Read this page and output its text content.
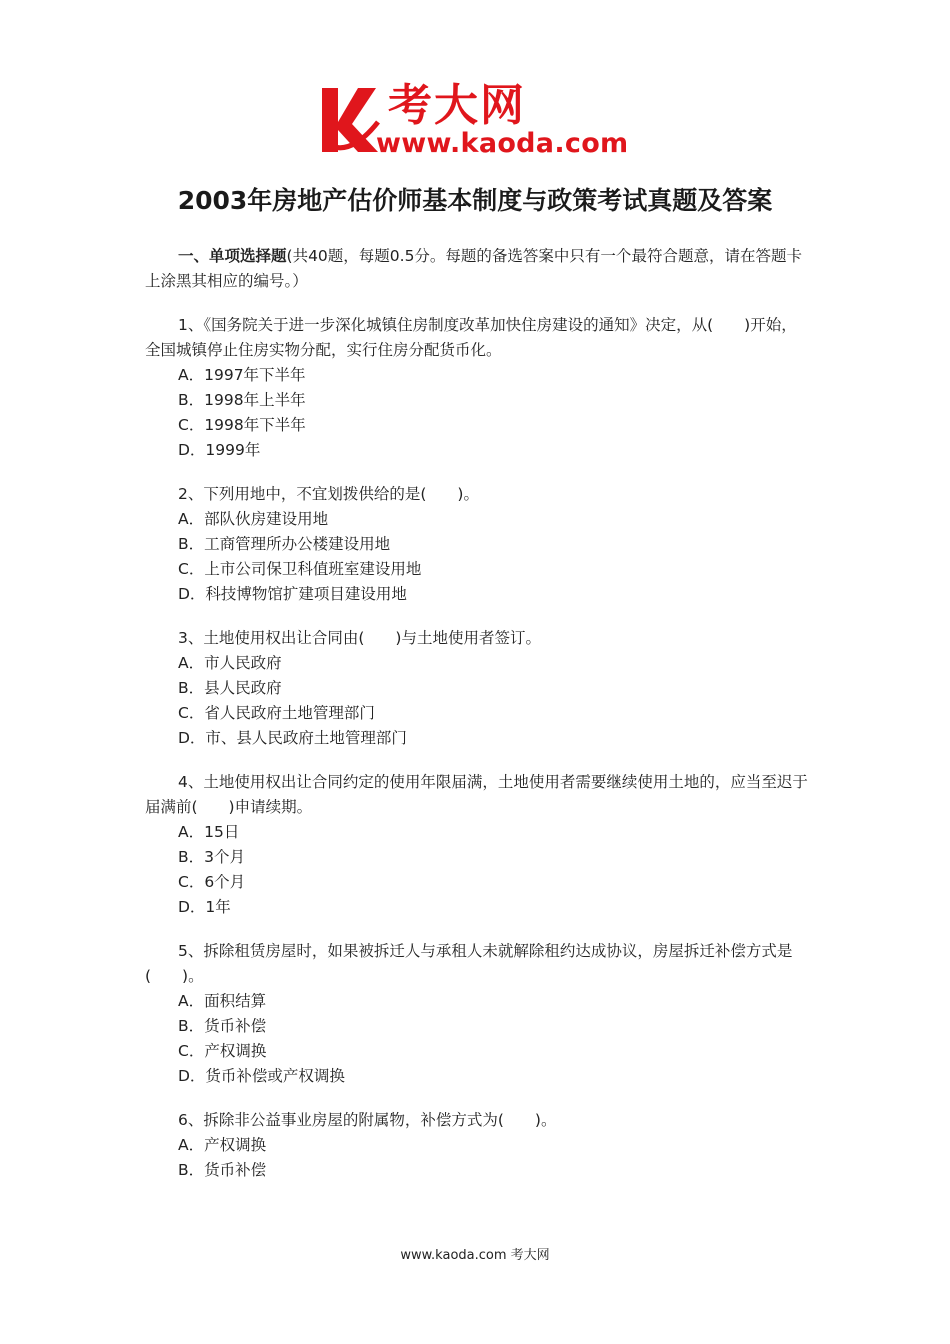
考大网
www.kaoda.com
2003年房地产估价师基本制度与政策考试真题及答案

一、单项选择题(共40题，每题0.5分。每题的备选答案中只有一个最符合题意，请在答题卡上涂黑其相应的编号。）

1、《国务院关于进一步深化城镇住房制度改革加快住房建设的通知》决定，从(　　)开始，全国城镇停止住房实物分配，实行住房分配货币化。

A．1997年下半年

B．1998年上半年

C．1998年下半年

D．1999年

2、下列用地中，不宜划拨供给的是(　　)。

A．部队伙房建设用地

B．工商管理所办公楼建设用地

C．上市公司保卫科值班室建设用地

D．科技博物馆扩建项目建设用地

3、土地使用权出让合同由(　　)与土地使用者签订。

A．市人民政府

B．县人民政府

C．省人民政府土地管理部门

D．市、县人民政府土地管理部门

4、土地使用权出让合同约定的使用年限届满，土地使用者需要继续使用土地的，应当至迟于届满前(　　)申请续期。

A．15日

B．3个月

C．6个月

D．1年

5、拆除租赁房屋时，如果被拆迁人与承租人未就解除租约达成协议，房屋拆迁补偿方式是(　　)。

A．面积结算

B．货币补偿

C．产权调换

D．货币补偿或产权调换

6、拆除非公益事业房屋的附属物，补偿方式为(　　)。

A．产权调换

B．货币补偿

www.kaoda.com 考大网
